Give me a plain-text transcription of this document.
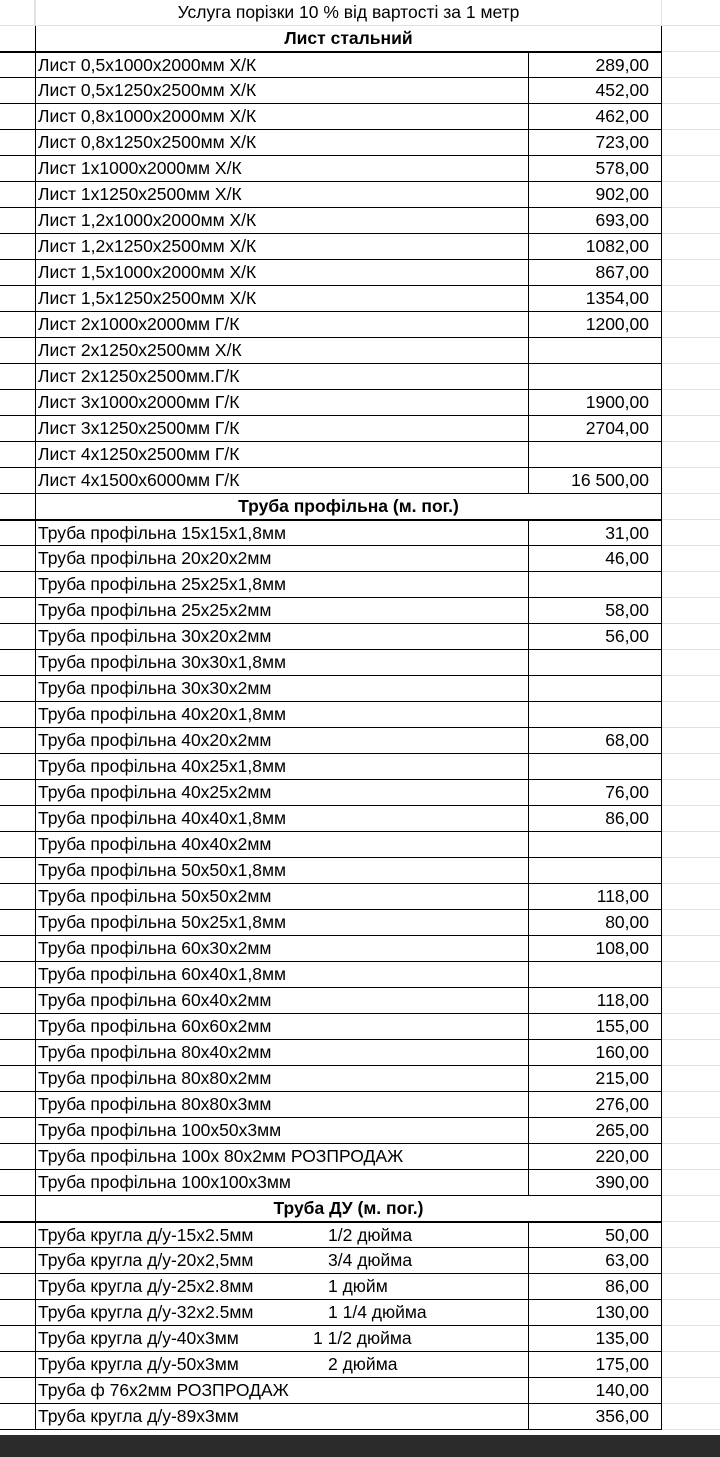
Услуга порізки 10 % від вартості за 1 метр
Лист стальний
Лист 0,5х1000х2000мм Х/К	289,00
Лист 0,5х1250х2500мм Х/К	452,00
Лист 0,8х1000х2000мм Х/К	462,00
Лист 0,8х1250х2500мм Х/К	723,00
Лист 1х1000х2000мм Х/К	578,00
Лист 1х1250х2500мм Х/К	902,00
Лист 1,2х1000х2000мм Х/К	693,00
Лист 1,2х1250х2500мм Х/К	1082,00
Лист 1,5х1000х2000мм Х/К	867,00
Лист 1,5х1250х2500мм Х/К	1354,00
Лист 2х1000х2000мм Г/К	1200,00
Лист 2х1250х2500мм Х/К
Лист 2х1250х2500мм.Г/К
Лист 3х1000х2000мм Г/К	1900,00
Лист 3х1250х2500мм Г/К	2704,00
Лист 4х1250х2500мм Г/К
Лист 4х1500х6000мм Г/К	16 500,00
Труба профільна (м. пог.)
Труба профільна 15х15х1,8мм	31,00
Труба профільна 20х20х2мм	46,00
Труба профільна 25х25х1,8мм
Труба профільна 25х25х2мм	58,00
Труба профільна 30х20х2мм	56,00
Труба профільна 30х30х1,8мм
Труба профільна 30х30х2мм
Труба профільна 40х20х1,8мм
Труба профільна 40х20х2мм	68,00
Труба профільна 40х25х1,8мм
Труба профільна 40х25х2мм	76,00
Труба профільна 40х40х1,8мм	86,00
Труба профільна 40х40х2мм
Труба профільна 50х50х1,8мм
Труба профільна 50х50х2мм	118,00
Труба профільна 50х25х1,8мм	80,00
Труба профільна 60х30х2мм	108,00
Труба профільна 60х40х1,8мм
Труба профільна 60х40х2мм	118,00
Труба профільна 60х60х2мм	155,00
Труба профільна 80х40х2мм	160,00
Труба профільна 80х80х2мм	215,00
Труба профільна 80х80х3мм	276,00
Труба профільна 100х50х3мм	265,00
Труба профільна 100х 80х2мм РОЗПРОДАЖ	220,00
Труба профільна 100х100х3мм	390,00
Труба ДУ (м. пог.)
Труба кругла д/у-15х2.5мм	1/2 дюйма	50,00
Труба кругла д/у-20х2,5мм	3/4 дюйма	63,00
Труба кругла д/у-25х2.8мм	1 дюйм	86,00
Труба кругла д/у-32х2.5мм	1 1/4 дюйма	130,00
Труба кругла д/у-40х3мм	1 1/2 дюйма	135,00
Труба кругла д/у-50х3мм	2 дюйма	175,00
Труба ф 76х2мм РОЗПРОДАЖ	140,00
Труба кругла д/у-89х3мм	356,00
